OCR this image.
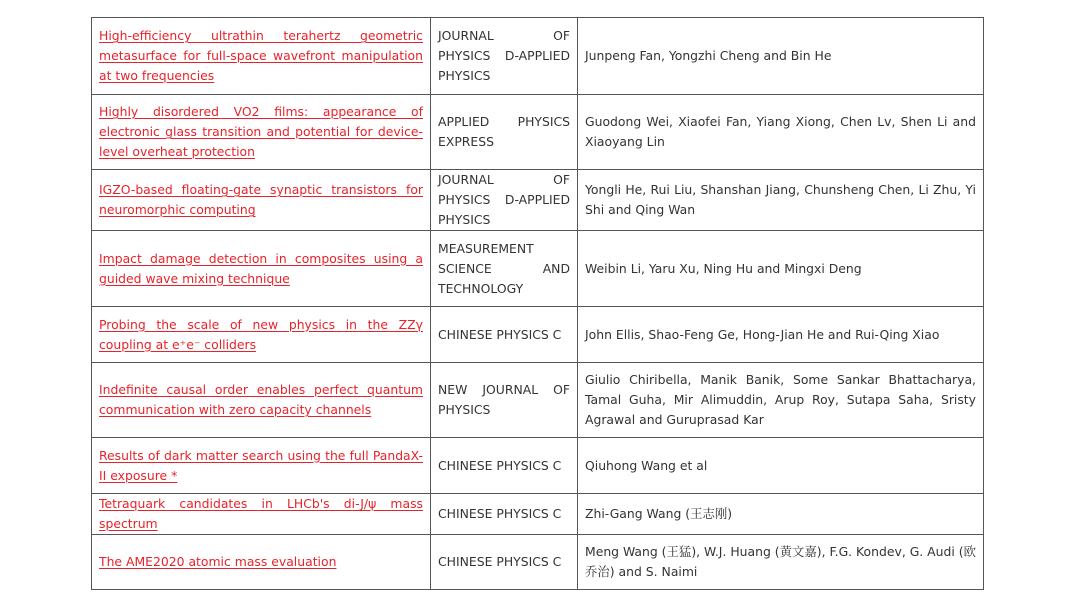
High-efficiency ultrathin terahertz geometric metasurface for full-space wavefront manipulation at two frequencies	JOURNAL OF PHYSICS D-APPLIED PHYSICS	Junpeng Fan, Yongzhi Cheng and Bin He
Highly disordered VO2 films: appearance of electronic glass transition and potential for device-level overheat protection	APPLIED PHYSICS EXPRESS	Guodong Wei, Xiaofei Fan, Yiang Xiong, Chen Lv, Shen Li and Xiaoyang Lin
IGZO-based floating-gate synaptic transistors for neuromorphic computing	JOURNAL OF PHYSICS D-APPLIED PHYSICS	Yongli He, Rui Liu, Shanshan Jiang, Chunsheng Chen, Li Zhu, Yi Shi and Qing Wan
Impact damage detection in composites using a guided wave mixing technique	MEASUREMENT SCIENCE AND TECHNOLOGY	Weibin Li, Yaru Xu, Ning Hu and Mingxi Deng
Probing the scale of new physics in the ZZγ coupling at e⁺e⁻ colliders	CHINESE PHYSICS C	John Ellis, Shao-Feng Ge, Hong-Jian He and Rui-Qing Xiao
Indefinite causal order enables perfect quantum communication with zero capacity channels	NEW JOURNAL OF PHYSICS	Giulio Chiribella, Manik Banik, Some Sankar Bhattacharya, Tamal Guha, Mir Alimuddin, Arup Roy, Sutapa Saha, Sristy Agrawal and Guruprasad Kar
Results of dark matter search using the full PandaX-II exposure *	CHINESE PHYSICS C	Qiuhong Wang et al
Tetraquark candidates in LHCb's di-J/ψ mass spectrum	CHINESE PHYSICS C	Zhi-Gang Wang (王志刚)
The AME2020 atomic mass evaluation	CHINESE PHYSICS C	Meng Wang (王猛), W.J. Huang (黄文嘉), F.G. Kondev, G. Audi (欧乔治) and S. Naimi
